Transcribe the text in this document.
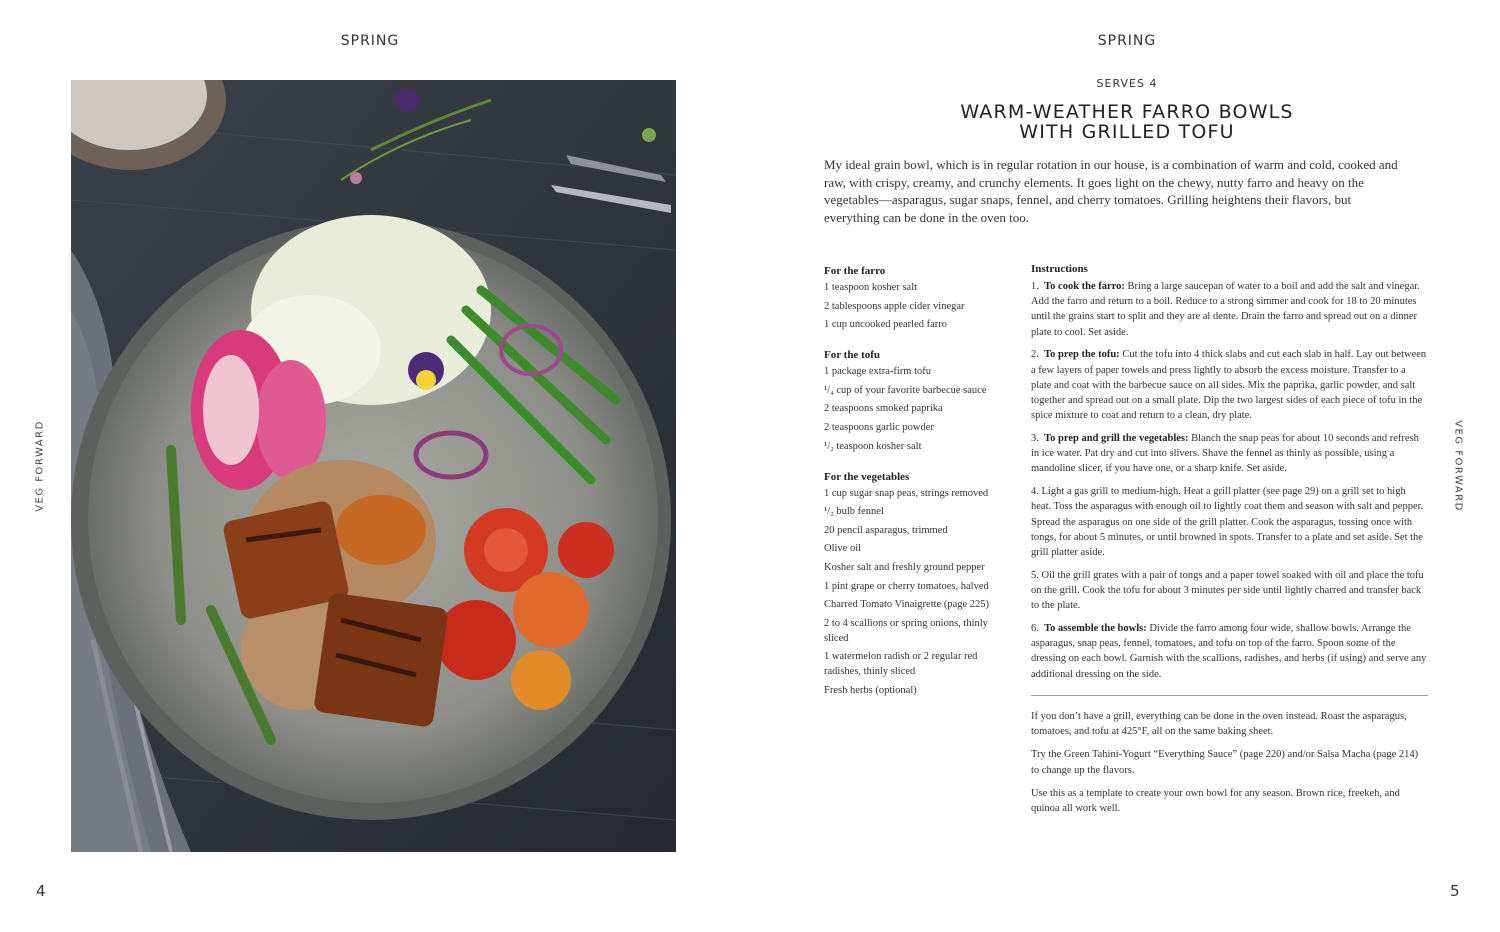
SPRING
VEG FORWARD
4
SPRING
VEG FORWARD
SERVES 4
WARM-WEATHER FARRO BOWLS
WITH GRILLED TOFU

My ideal grain bowl, which is in regular rotation in our house, is a combination of warm and cold, cooked and raw, with crispy, creamy, and crunchy elements. It goes light on the chewy, nutty farro and heavy on the vegetables—asparagus, sugar snaps, fennel, and cherry tomatoes. Grilling heightens their flavors, but everything can be done in the oven too.

For the farro
1 teaspoon kosher salt
2 tablespoons apple cider vinegar
1 cup uncooked pearled farro
For the tofu
1 package extra-firm tofu
¹/₄ cup of your favorite barbecue sauce
2 teaspoons smoked paprika
2 teaspoons garlic powder
¹/₂ teaspoon kosher salt
For the vegetables
1 cup sugar snap peas, strings removed
¹/₂ bulb fennel
20 pencil asparagus, trimmed
Olive oil
Kosher salt and freshly ground pepper
1 pint grape or cherry tomatoes, halved
Charred Tomato Vinaigrette (page 225)
2 to 4 scallions or spring onions, thinly sliced
1 watermelon radish or 2 regular red radishes, thinly sliced
Fresh herbs (optional)
Instructions

1. To cook the farro: Bring a large saucepan of water to a boil and add the salt and vinegar. Add the farro and return to a boil. Reduce to a strong simmer and cook for 18 to 20 minutes until the grains start to split and they are al dente. Drain the farro and spread out on a dinner plate to cool. Set aside.

2. To prep the tofu: Cut the tofu into 4 thick slabs and cut each slab in half. Lay out between a few layers of paper towels and press lightly to absorb the excess moisture. Transfer to a plate and coat with the barbecue sauce on all sides. Mix the paprika, garlic powder, and salt together and spread out on a small plate. Dip the two largest sides of each piece of tofu in the spice mixture to coat and return to a clean, dry plate.

3. To prep and grill the vegetables: Blanch the snap peas for about 10 seconds and refresh in ice water. Pat dry and cut into slivers. Shave the fennel as thinly as possible, using a mandoline slicer, if you have one, or a sharp knife. Set aside.

4. Light a gas grill to medium-high. Heat a grill platter (see page 29) on a grill set to high heat. Toss the asparagus with enough oil to lightly coat them and season with salt and pepper. Spread the asparagus on one side of the grill platter. Cook the asparagus, tossing once with tongs, for about 5 minutes, or until browned in spots. Transfer to a plate and set aside. Set the grill platter aside.

5. Oil the grill grates with a pair of tongs and a paper towel soaked with oil and place the tofu on the grill. Cook the tofu for about 3 minutes per side until lightly charred and transfer back to the plate.

6. To assemble the bowls: Divide the farro among four wide, shallow bowls. Arrange the asparagus, snap peas, fennel, tomatoes, and tofu on top of the farro. Spoon some of the dressing on each bowl. Garnish with the scallions, radishes, and herbs (if using) and serve any additional dressing on the side.

If you don’t have a grill, everything can be done in the oven instead. Roast the asparagus, tomatoes, and tofu at 425°F, all on the same baking sheet.

Try the Green Tahini-Yogurt “Everything Sauce” (page 220) and/or Salsa Macha (page 214) to change up the flavors.

Use this as a template to create your own bowl for any season. Brown rice, freekeh, and quinoa all work well.

5
